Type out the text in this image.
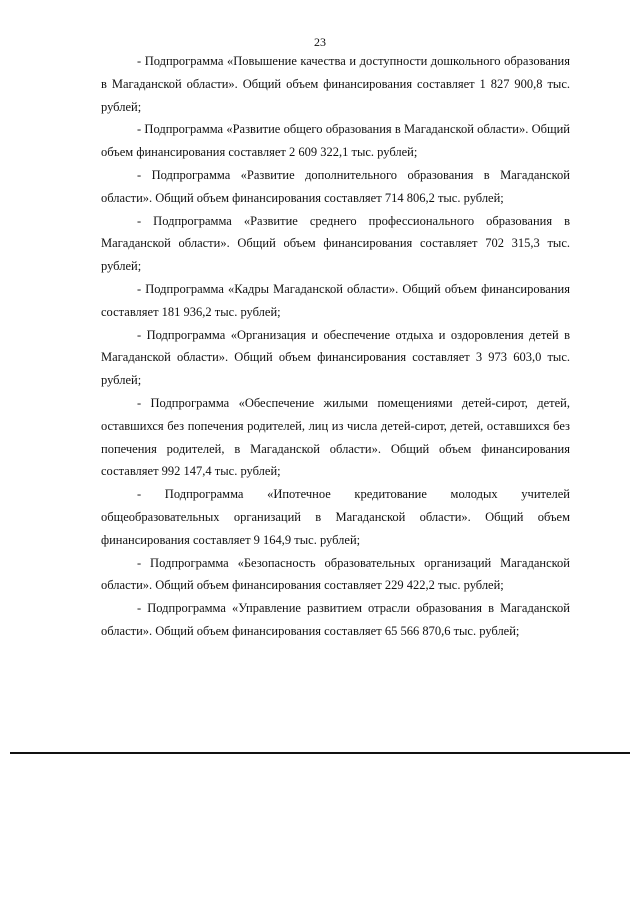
23

- Подпрограмма «Повышение качества и доступности дошкольного образования в Магаданской области». Общий объем финансирования составляет 1 827 900,8 тыс. рублей;

- Подпрограмма «Развитие общего образования в Магаданской области». Общий объем финансирования составляет 2 609 322,1 тыс. рублей;

- Подпрограмма «Развитие дополнительного образования в Магаданской области». Общий объем финансирования составляет 714 806,2 тыс. рублей;

- Подпрограмма «Развитие среднего профессионального образования в Магаданской области». Общий объем финансирования составляет 702 315,3 тыс. рублей;

- Подпрограмма «Кадры Магаданской области». Общий объем финансирования составляет 181 936,2 тыс. рублей;

- Подпрограмма «Организация и обеспечение отдыха и оздоровления детей в Магаданской области». Общий объем финансирования составляет 3 973 603,0 тыс. рублей;

- Подпрограмма «Обеспечение жилыми помещениями детей-сирот, детей, оставшихся без попечения родителей, лиц из числа детей-сирот, детей, оставшихся без попечения родителей, в Магаданской области». Общий объем финансирования составляет 992 147,4 тыс. рублей;

- Подпрограмма «Ипотечное кредитование молодых учителей общеобразовательных организаций в Магаданской области». Общий объем финансирования составляет 9 164,9 тыс. рублей;

- Подпрограмма «Безопасность образовательных организаций Магаданской области». Общий объем финансирования составляет 229 422,2 тыс. рублей;

- Подпрограмма «Управление развитием отрасли образования в Магаданской области». Общий объем финансирования составляет 65 566 870,6 тыс. рублей;
